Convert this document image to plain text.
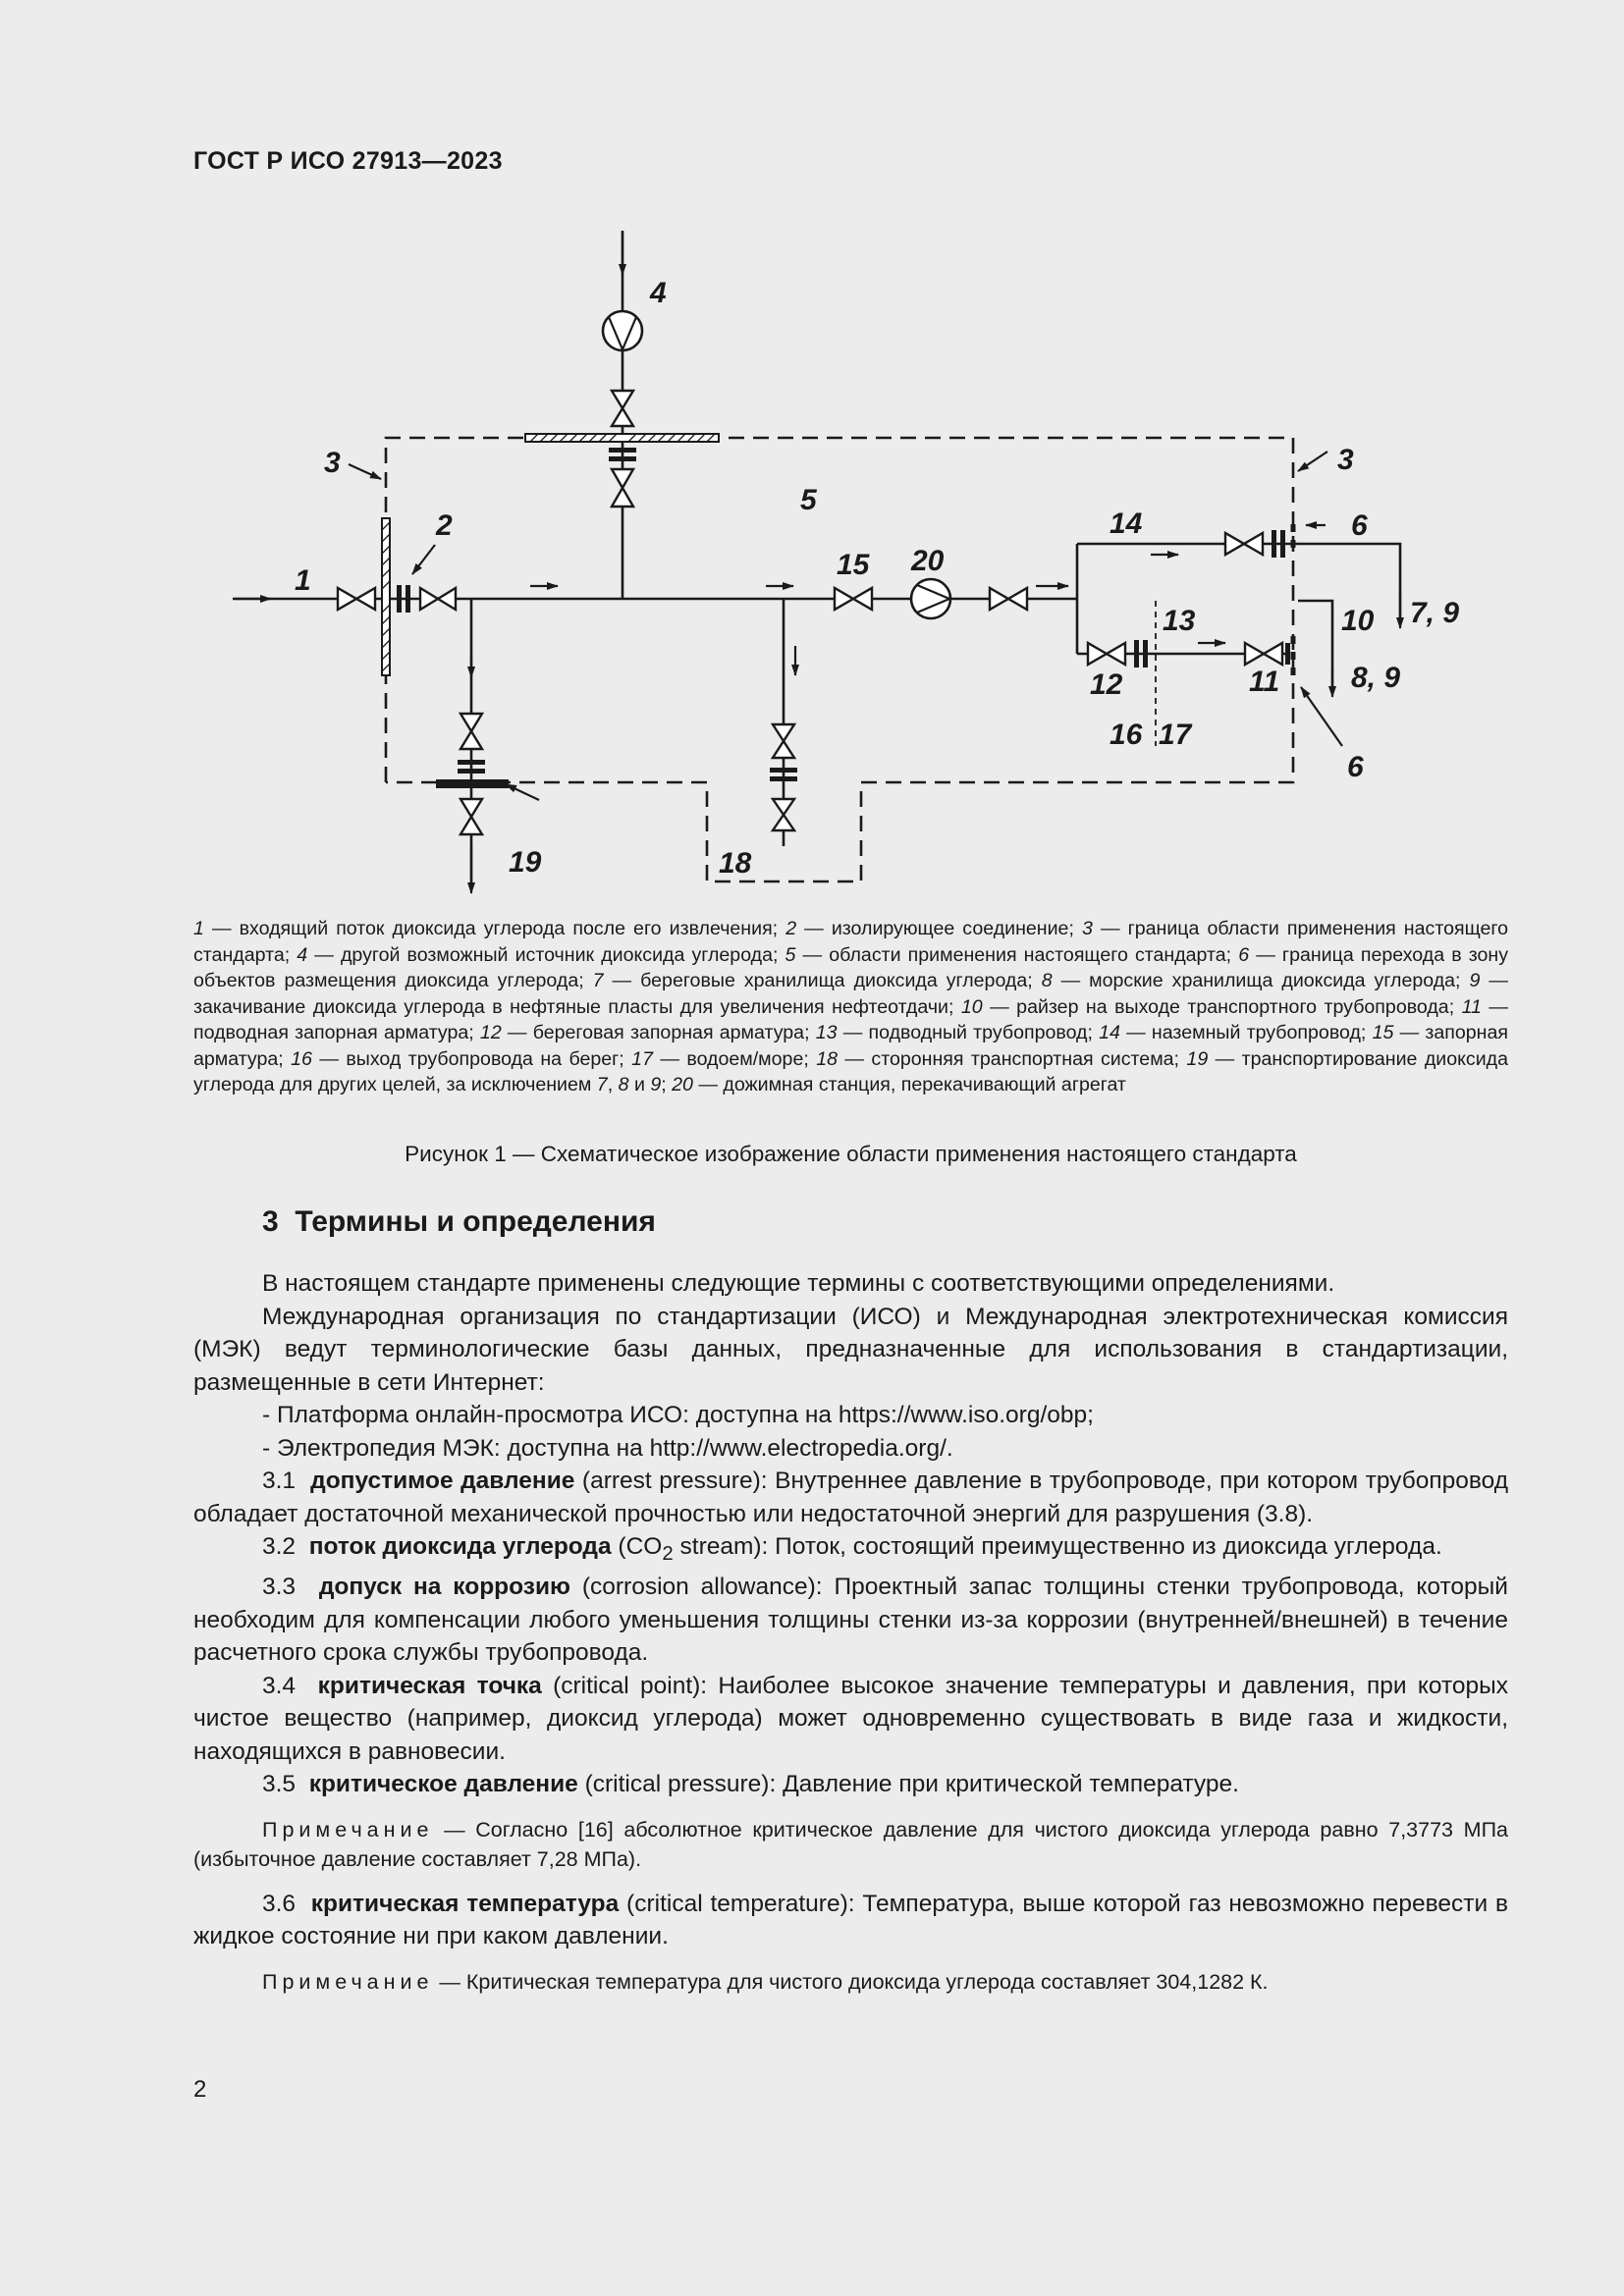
ГОСТ Р ИСО 27913—2023
1
2
3	3
4
5
6
6
7, 9
8, 9
10
11
12
13
14
15
16 17
18
19
20
1 — входящий поток диоксида углерода после его извлечения; 2 — изолирующее соединение; 3 — граница области применения настоящего стандарта; 4 — другой возможный источник диоксида углерода; 5 — области применения настоящего стандарта; 6 — граница перехода в зону объектов размещения диоксида углерода; 7 — береговые хранилища диоксида углерода; 8 — морские хранилища диоксида углерода; 9 — закачивание диоксида углерода в нефтяные пласты для увеличения нефтеотдачи; 10 — райзер на выходе транспортного трубопровода; 11 — подводная запорная арматура; 12 — береговая запорная арматура; 13 — подводный трубопровод; 14 — наземный трубопровод; 15 — запорная арматура; 16 — выход трубопровода на берег; 17 — водоем/море; 18 — сторонняя транспортная система; 19 — транспортирование диоксида углерода для других целей, за исключением 7, 8 и 9; 20 — дожимная станция, перекачивающий агрегат
Рисунок 1 — Схематическое изображение области применения настоящего стандарта
3 Термины и определения

В настоящем стандарте применены следующие термины с соответствующими определениями.

Международная организация по стандартизации (ИСО) и Международная электротехническая комиссия (МЭК) ведут терминологические базы данных, предназначенные для использования в стандартизации, размещенные в сети Интернет:

- Платформа онлайн-просмотра ИСО: доступна на https://www.iso.org/obp;

- Электропедия МЭК: доступна на http://www.electropedia.org/.

3.1 допустимое давление (arrest pressure): Внутреннее давление в трубопроводе, при котором трубопровод обладает достаточной механической прочностью или недостаточной энергий для разрушения (3.8).

3.2 поток диоксида углерода ($CO_2$ stream): Поток, состоящий преимущественно из диоксида углерода.

3.3 допуск на коррозию (corrosion allowance): Проектный запас толщины стенки трубопровода, который необходим для компенсации любого уменьшения толщины стенки из-за коррозии (внутренней/внешней) в течение расчетного срока службы трубопровода.

3.4 критическая точка (critical point): Наиболее высокое значение температуры и давления, при которых чистое вещество (например, диоксид углерода) может одновременно существовать в виде газа и жидкости, находящихся в равновесии.

3.5 критическое давление (critical pressure): Давление при критической температуре.

Примечание — Согласно [16] абсолютное критическое давление для чистого диоксида углерода равно 7,3773 МПа (избыточное давление составляет 7,28 МПа).

3.6 критическая температура (critical temperature): Температура, выше которой газ невозможно перевести в жидкое состояние ни при каком давлении.

Примечание — Критическая температура для чистого диоксида углерода составляет 304,1282 К.

2
